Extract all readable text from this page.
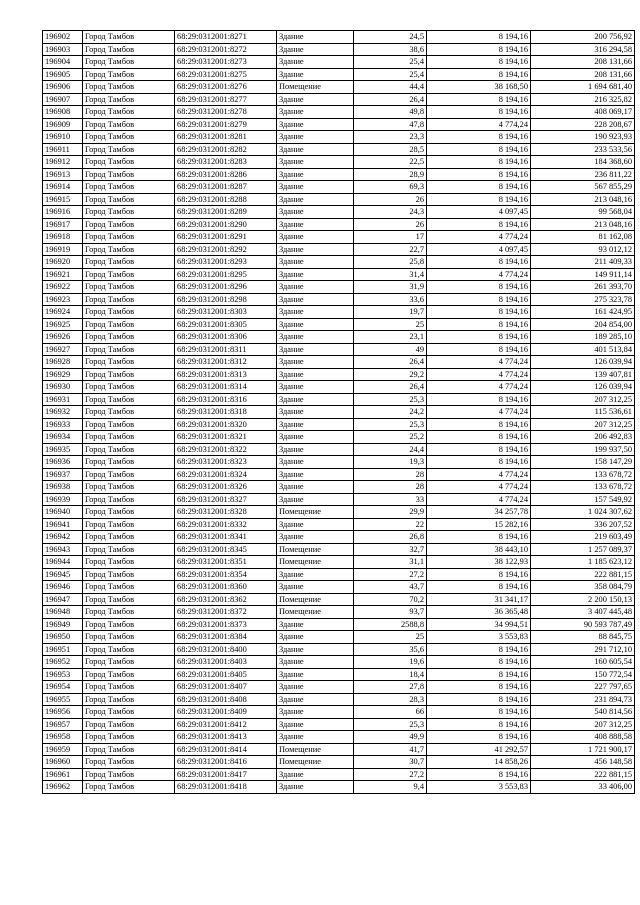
196902	Город Тамбов	68:29:0312001:8271	Здание	24,5	8 194,16	200 756,92
196903	Город Тамбов	68:29:0312001:8272	Здание	38,6	8 194,16	316 294,58
196904	Город Тамбов	68:29:0312001:8273	Здание	25,4	8 194,16	208 131,66
196905	Город Тамбов	68:29:0312001:8275	Здание	25,4	8 194,16	208 131,66
196906	Город Тамбов	68:29:0312001:8276	Помещение	44,4	38 168,50	1 694 681,40
196907	Город Тамбов	68:29:0312001:8277	Здание	26,4	8 194,16	216 325,82
196908	Город Тамбов	68:29:0312001:8278	Здание	49,8	8 194,16	408 069,17
196909	Город Тамбов	68:29:0312001:8279	Здание	47,8	4 774,24	228 208,67
196910	Город Тамбов	68:29:0312001:8281	Здание	23,3	8 194,16	190 923,93
196911	Город Тамбов	68:29:0312001:8282	Здание	28,5	8 194,16	233 533,56
196912	Город Тамбов	68:29:0312001:8283	Здание	22,5	8 194,16	184 368,60
196913	Город Тамбов	68:29:0312001:8286	Здание	28,9	8 194,16	236 811,22
196914	Город Тамбов	68:29:0312001:8287	Здание	69,3	8 194,16	567 855,29
196915	Город Тамбов	68:29:0312001:8288	Здание	26	8 194,16	213 048,16
196916	Город Тамбов	68:29:0312001:8289	Здание	24,3	4 097,45	99 568,04
196917	Город Тамбов	68:29:0312001:8290	Здание	26	8 194,16	213 048,16
196918	Город Тамбов	68:29:0312001:8291	Здание	17	4 774,24	81 162,08
196919	Город Тамбов	68:29:0312001:8292	Здание	22,7	4 097,45	93 012,12
196920	Город Тамбов	68:29:0312001:8293	Здание	25,8	8 194,16	211 409,33
196921	Город Тамбов	68:29:0312001:8295	Здание	31,4	4 774,24	149 911,14
196922	Город Тамбов	68:29:0312001:8296	Здание	31,9	8 194,16	261 393,70
196923	Город Тамбов	68:29:0312001:8298	Здание	33,6	8 194,16	275 323,78
196924	Город Тамбов	68:29:0312001:8303	Здание	19,7	8 194,16	161 424,95
196925	Город Тамбов	68:29:0312001:8305	Здание	25	8 194,16	204 854,00
196926	Город Тамбов	68:29:0312001:8306	Здание	23,1	8 194,16	189 285,10
196927	Город Тамбов	68:29:0312001:8311	Здание	49	8 194,16	401 513,84
196928	Город Тамбов	68:29:0312001:8312	Здание	26,4	4 774,24	126 039,94
196929	Город Тамбов	68:29:0312001:8313	Здание	29,2	4 774,24	139 407,81
196930	Город Тамбов	68:29:0312001:8314	Здание	26,4	4 774,24	126 039,94
196931	Город Тамбов	68:29:0312001:8316	Здание	25,3	8 194,16	207 312,25
196932	Город Тамбов	68:29:0312001:8318	Здание	24,2	4 774,24	115 536,61
196933	Город Тамбов	68:29:0312001:8320	Здание	25,3	8 194,16	207 312,25
196934	Город Тамбов	68:29:0312001:8321	Здание	25,2	8 194,16	206 492,83
196935	Город Тамбов	68:29:0312001:8322	Здание	24,4	8 194,16	199 937,50
196936	Город Тамбов	68:29:0312001:8323	Здание	19,3	8 194,16	158 147,29
196937	Город Тамбов	68:29:0312001:8324	Здание	28	4 774,24	133 678,72
196938	Город Тамбов	68:29:0312001:8326	Здание	28	4 774,24	133 678,72
196939	Город Тамбов	68:29:0312001:8327	Здание	33	4 774,24	157 549,92
196940	Город Тамбов	68:29:0312001:8328	Помещение	29,9	34 257,78	1 024 307,62
196941	Город Тамбов	68:29:0312001:8332	Здание	22	15 282,16	336 207,52
196942	Город Тамбов	68:29:0312001:8341	Здание	26,8	8 194,16	219 603,49
196943	Город Тамбов	68:29:0312001:8345	Помещение	32,7	38 443,10	1 257 089,37
196944	Город Тамбов	68:29:0312001:8351	Помещение	31,1	38 122,93	1 185 623,12
196945	Город Тамбов	68:29:0312001:8354	Здание	27,2	8 194,16	222 881,15
196946	Город Тамбов	68:29:0312001:8360	Здание	43,7	8 194,16	358 084,79
196947	Город Тамбов	68:29:0312001:8362	Помещение	70,2	31 341,17	2 200 150,13
196948	Город Тамбов	68:29:0312001:8372	Помещение	93,7	36 365,48	3 407 445,48
196949	Город Тамбов	68:29:0312001:8373	Здание	2588,8	34 994,51	90 593 787,49
196950	Город Тамбов	68:29:0312001:8384	Здание	25	3 553,83	88 845,75
196951	Город Тамбов	68:29:0312001:8400	Здание	35,6	8 194,16	291 712,10
196952	Город Тамбов	68:29:0312001:8403	Здание	19,6	8 194,16	160 605,54
196953	Город Тамбов	68:29:0312001:8405	Здание	18,4	8 194,16	150 772,54
196954	Город Тамбов	68:29:0312001:8407	Здание	27,8	8 194,16	227 797,65
196955	Город Тамбов	68:29:0312001:8408	Здание	28,3	8 194,16	231 894,73
196956	Город Тамбов	68:29:0312001:8409	Здание	66	8 194,16	540 814,56
196957	Город Тамбов	68:29:0312001:8412	Здание	25,3	8 194,16	207 312,25
196958	Город Тамбов	68:29:0312001:8413	Здание	49,9	8 194,16	408 888,58
196959	Город Тамбов	68:29:0312001:8414	Помещение	41,7	41 292,57	1 721 900,17
196960	Город Тамбов	68:29:0312001:8416	Помещение	30,7	14 858,26	456 148,58
196961	Город Тамбов	68:29:0312001:8417	Здание	27,2	8 194,16	222 881,15
196962	Город Тамбов	68:29:0312001:8418	Здание	9,4	3 553,83	33 406,00
